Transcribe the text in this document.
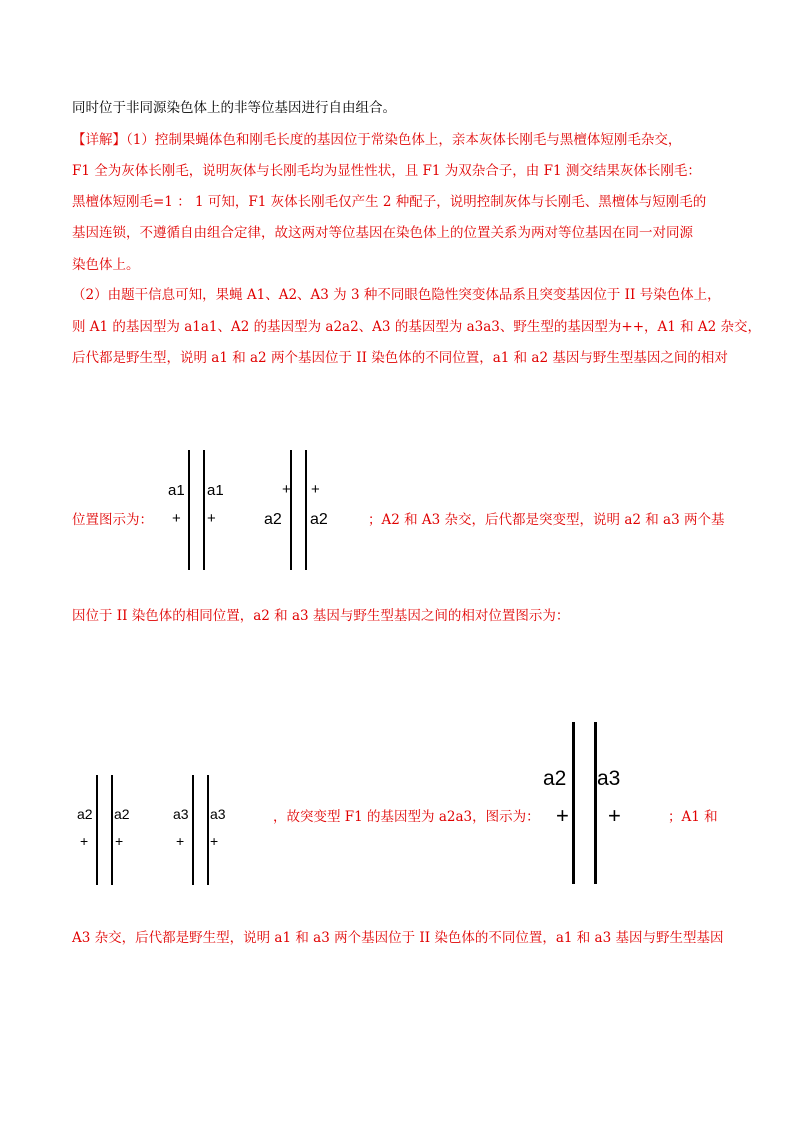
同时位于非同源染色体上的非等位基因进行自由组合。
【详解】（1）控制果蝇体色和刚毛长度的基因位于常染色体上，亲本灰体长刚毛与黑檀体短刚毛杂交，
F1 全为灰体长刚毛，说明灰体与长刚毛均为显性性状，且 F1 为双杂合子，由 F1 测交结果灰体长刚毛：
黑檀体短刚毛=1 ： 1 可知，F1 灰体长刚毛仅产生 2 种配子，说明控制灰体与长刚毛、黑檀体与短刚毛的
基因连锁，不遵循自由组合定律，故这两对等位基因在染色体上的位置关系为两对等位基因在同一对同源
染色体上。
（2）由题干信息可知，果蝇 A1、A2、A3 为 3 种不同眼色隐性突变体品系且突变基因位于 II 号染色体上，
则 A1 的基因型为 a1a1、A2 的基因型为 a2a2、A3 的基因型为 a3a3、野生型的基因型为++，A1 和 A2 杂交，
后代都是野生型，说明 a1 和 a2 两个基因位于 II 染色体的不同位置，a1 和 a2 基因与野生型基因之间的相对
位置图示为：
a1 a1
+ +
+ +
a2 a2	；A2 和 A3 杂交，后代都是突变型，说明 a2 和 a3 两个基
因位于 II 染色体的相同位置，a2 和 a3 基因与野生型基因之间的相对位置图示为：
a2 a2
+ +
a3 a3
+ +
，故突变型 F1 的基因型为 a2a3，图示为：
a2 a3
+ +	；A1 和
A3 杂交，后代都是野生型，说明 a1 和 a3 两个基因位于 II 染色体的不同位置，a1 和 a3 基因与野生型基因
